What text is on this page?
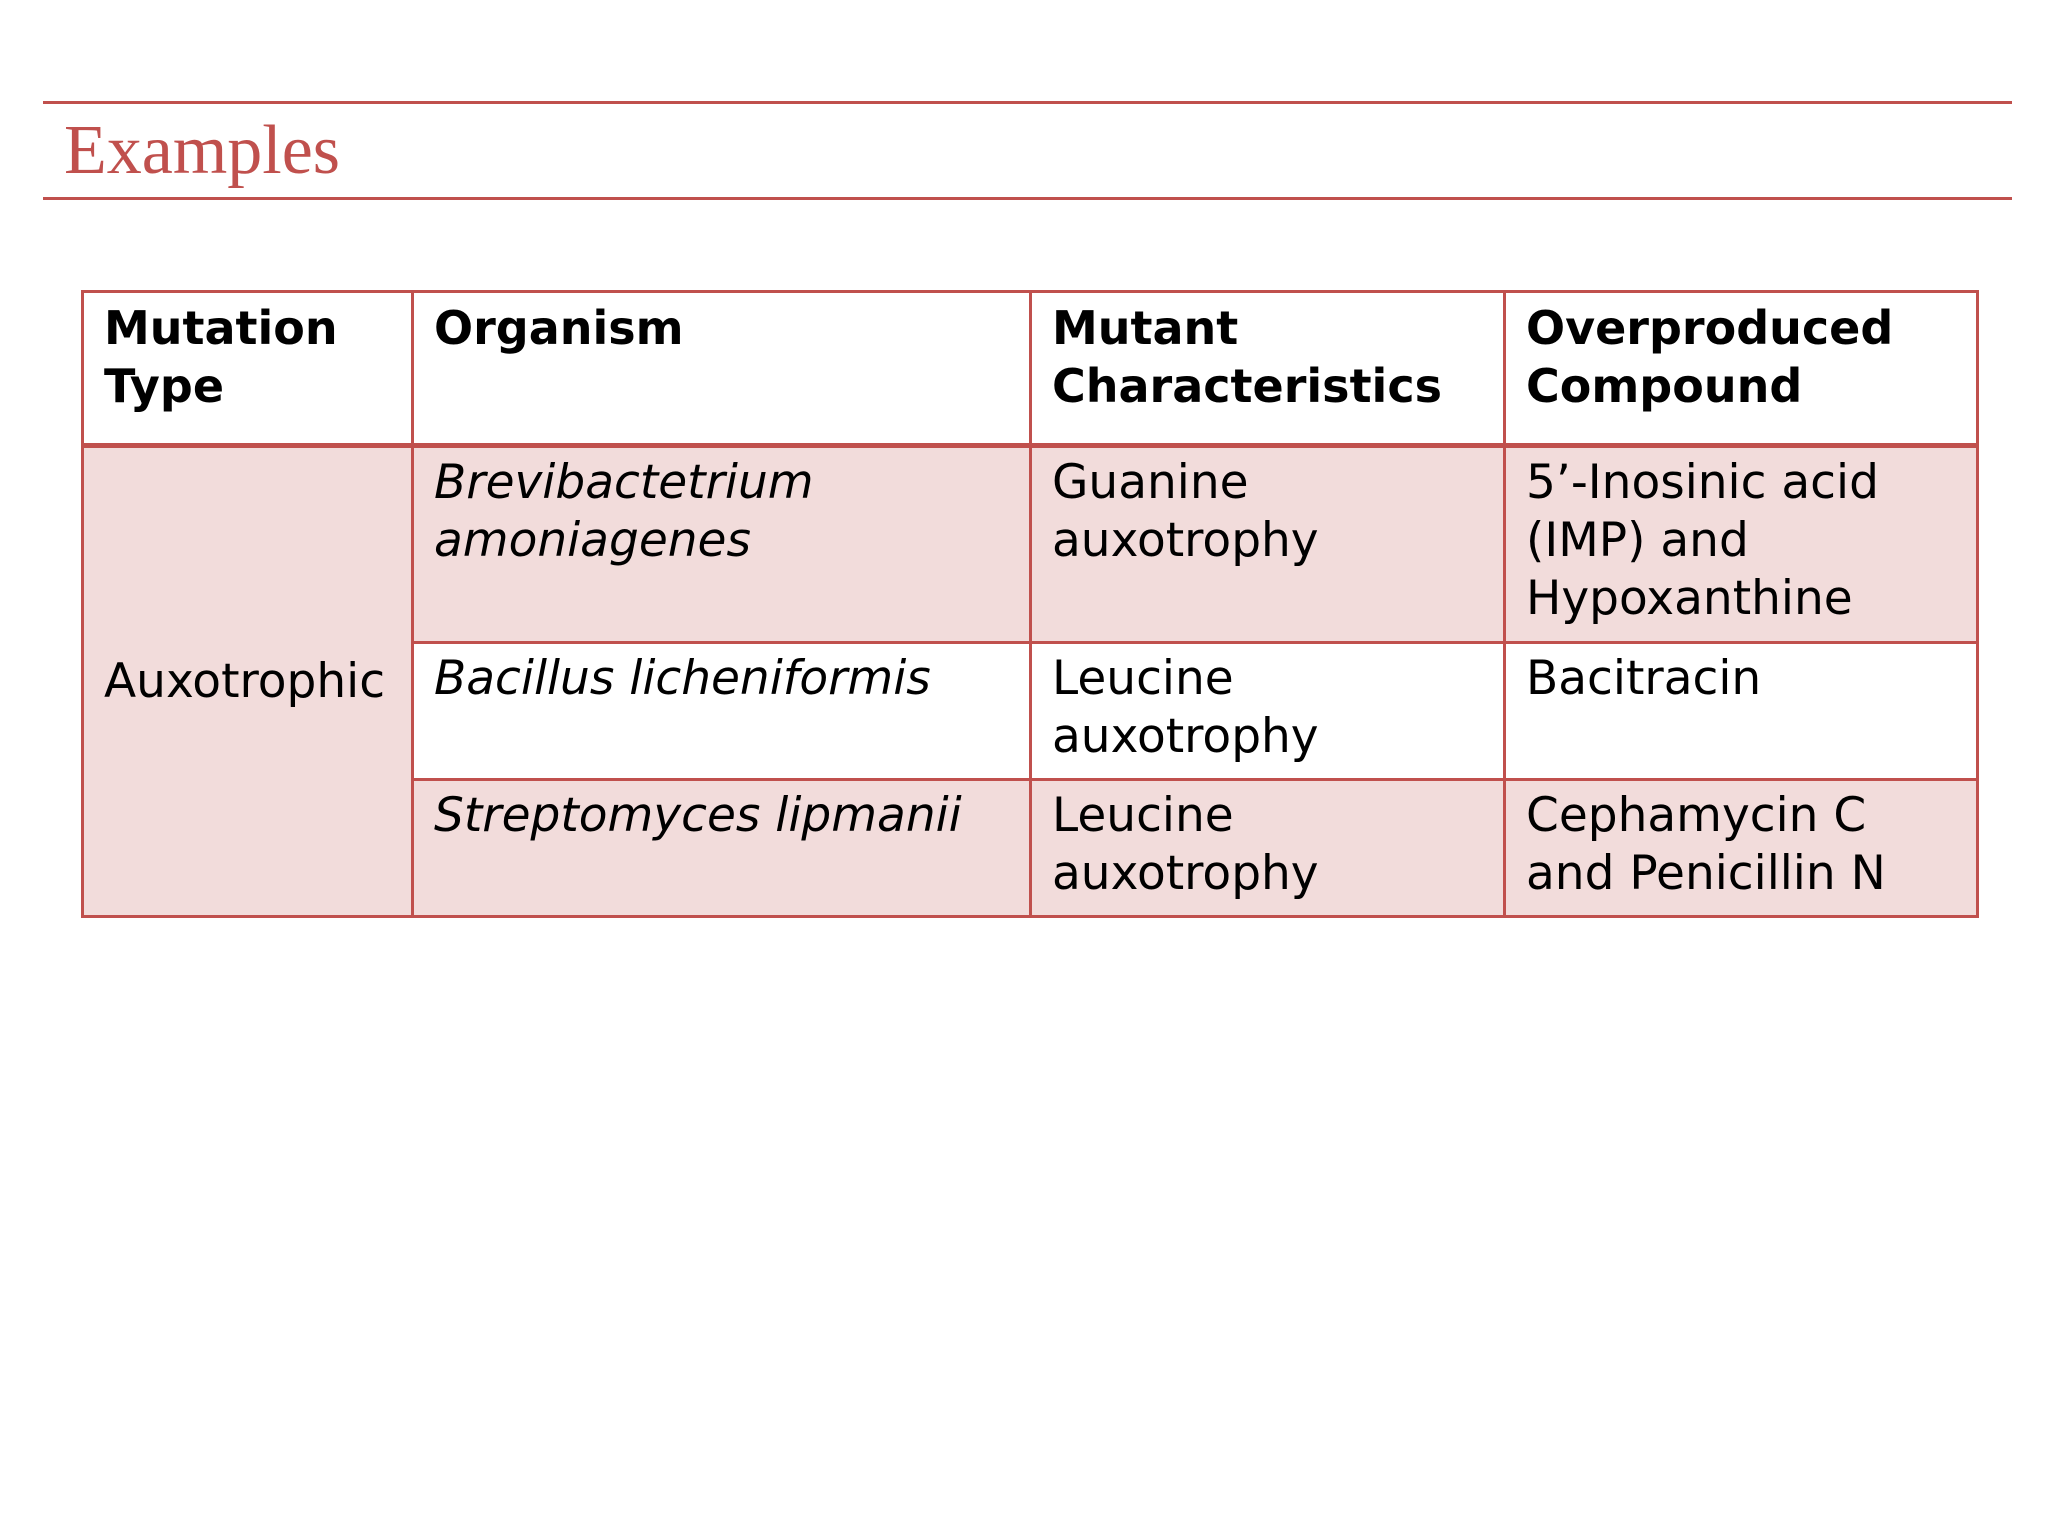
Examples
Mutation Type	Organism	Mutant Characteristics	Overproduced Compound
Auxotrophic	Brevibactetrium amoniagenes	Guanine auxotrophy	5’-Inosinic acid (IMP) and Hypoxanthine
	Bacillus licheniformis	Leucine auxotrophy	Bacitracin
	Streptomyces lipmanii	Leucine auxotrophy	Cephamycin C and Penicillin N
